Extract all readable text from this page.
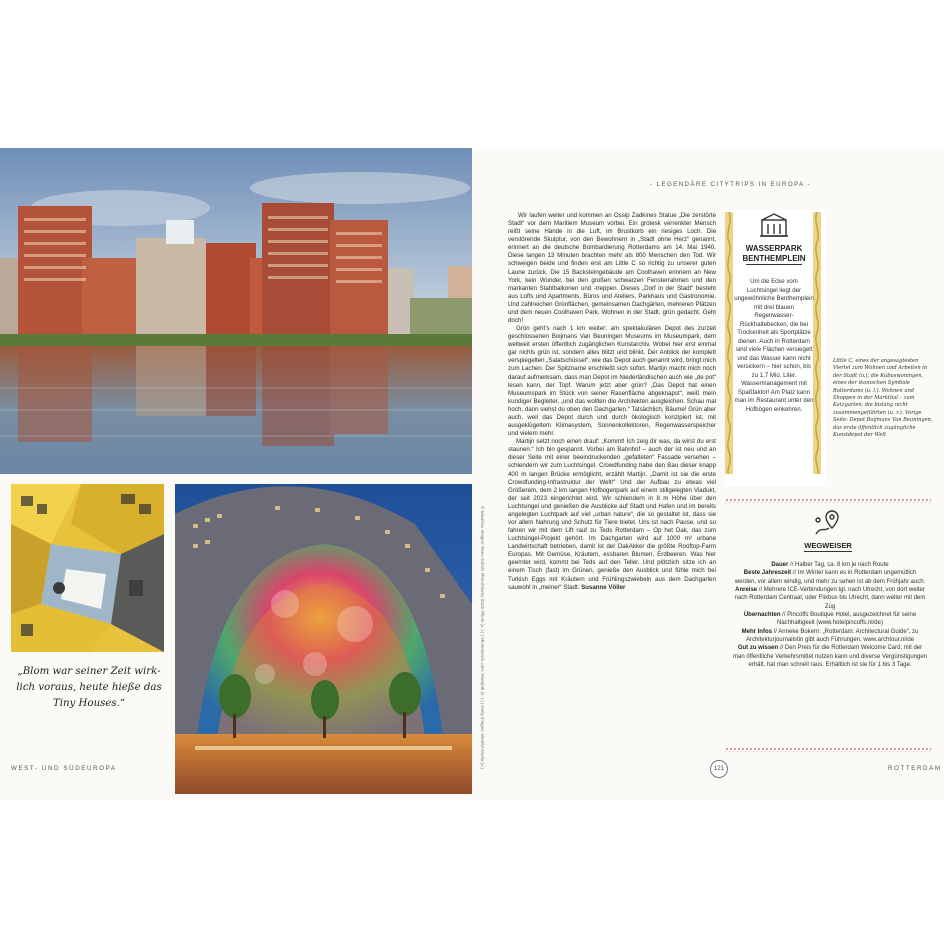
„Blom war seiner Zeit wirk-lich voraus, heute hieße das Tiny Houses.“
WEST- UND SÜDEUROPA	ROTTERDAM
- LEGENDÄRE CITYTRIPS IN EUROPA -
121
© Mauritius Images: Rene Schulz Photo/Alamy Stock Photo (u. l.) | Shutterstock.com: Mandj98 (u. r.) | Getty Images: Mindful Media (o.)

Wir laufen weiter und kommen an Ossip Zadkines Statue „Die zerstörte Stadt“ vor dem Maritiem Museum vorbei. Ein grotesk verrenkter Mensch reißt seine Hände in die Luft, im Brustkorb ein riesiges Loch. Die verstörende Skulptur, von den Bewohnern in „Stadt ohne Herz“ genannt, erinnert an die deutsche Bombardierung Rotterdams am 14. Mai 1940. Diese langen 13 Minuten brachten mehr als 800 Menschen den Tod. Wir schweigen beide und finden erst am Little C so richtig zu unserer guten Laune zurück. Die 15 Backsteingebäude am Coolhaven erinnern an New York, kein Wunder, bei den großen schwarzen Fensterrahmen und den markanten Stahlbalkonen und -treppen. Dieses „Dorf in der Stadt“ besteht aus Lofts und Apartments, Büros und Ateliers, Parkhaus und Gastronomie. Und zahlreichen Grünflächen, gemeinsamen Dachgärten, mehreren Plätzen und dem neuen Coolhaven Park. Wohnen in der Stadt, grün gedacht. Geht doch!

Grün geht’s nach 1 km weiter: am spektakulären Depot des zurzeit geschlossenen Boijmans Van Beuningen Museums im Museumpark, dem weltweit ersten öffentlich zugänglichen Kunstarchiv. Wobei hier erst einmal gar nichts grün ist, sondern alles blitzt und blinkt. Der Anblick der komplett verspiegelten „Salatschüssel“, wie das Depot auch genannt wird, bringt mich zum Lachen. Der Spitzname erschließt sich sofort. Martijn macht mich noch darauf aufmerksam, dass man Depot im Niederländischen auch wie „de pot“ lesen kann, der Topf. Warum jetzt aber grün? „Das Depot hat einen Museumspark im Stück von seiner Rasenfläche abgeknapst“, weiß mein kundiger Begleiter, „und das wollten die Architekten ausgleichen. Schau mal hoch, dann siehst du oben den Dachgarten.“ Tatsächlich, Bäume! Grün aber auch, weil das Depot durch und durch ökologisch konzipiert ist, mit ausgeklügeltem Klimasystem, Sonnenkollektoren, Regenwasserspeicher und vielem mehr.

Martijn setzt noch einen drauf: „Kommt! Ich zeig dir was, da wirst du erst staunen.“ Ich bin gespannt. Vorbei am Bahnhof – auch der ist neu und an dieser Seite mit einer beeindruckenden „gefalteten“ Fassade versehen – schlendern wir zum Luchtsingel. Crowdfunding habe den Bau dieser knapp 400 m langen Brücke ermöglicht, erzählt Martijn. „Damit ist sie die erste Crowdfunding-Infrastruktur der Welt!“ Und der Aufbau zu etwas viel Größerem, dem 2 km langen Hofbogenpark auf einem stillgelegten Viadukt, der seit 2023 eingerichtet wird. Wir schlendern in 8 m Höhe über den Luchtsingel und genießen die Ausblicke auf Stadt und Hafen und im bereits angelegten Luchtpark auf viel „urban nature“, die so gestaltet ist, dass sie vor allem Nahrung und Schutz für Tiere bietet. Uns ist nach Pause, und so fahren wir mit dem Lift rauf zu Teds Rotterdam – Op het Dak, das zum Luchtsingel-Projekt gehört. Im Dachgarten wird auf 1000 m² urbane Landwirtschaft betrieben, damit ist der DakAkker die größte Rooftop-Farm Europas. Mit Gemüse, Kräutern, essbaren Blumen, Erdbeeren. Was hier geerntet wird, kommt bei Teds auf den Teller. Und plötzlich sitze ich an einem Tisch (fast) im Grünen, genieße den Ausblick und fühle mich bei Turkish Eggs mit Kräutern und Frühlingszwiebeln aus dem Dachgarten sauwohl in „meiner“ Stadt. Susanne Völler

WASSERPARK
BENTHEMPLEIN
Um die Ecke vom Luchtsingel liegt der ungewöhnliche Benthemplein mit drei blauen Regenwasser-Rückhaltebecken, die bei Trockenheit als Sportplätze dienen. Auch in Rotterdam sind viele Flächen versiegelt und das Wasser kann nicht versickern – hier schon, bis zu 1,7 Mio. Liter. Wassermanagement mit Spaßfaktor! Am Platz kann man im Restaurant unter den Hofbögen einkehren.
Little C, eines der angesagtesten Viertel zum Wohnen und Arbeiten in der Stadt (o.); die Kubuswoningen, eines der ikonischen Symbole Rotterdams (u. l.). Wohnen und Shoppen in der Markthal – zum Katzgarten, die bislang nicht zusammengeführten (u. r.). Vorige Seite: Depot Boijmans Van Beuningen, das erste öffentlich zugängliche Kunstdepot der Welt
WEGWEISER
Dauer // Halber Tag, ca. 8 km je nach Route
Beste Jahreszeit // Im Winter kann es in Rotterdam ungemütlich werden, vor allem windig, und mehr zu sehen ist ab dem Frühjahr auch.
Anreise // Mehrere ICE-Verbindungen tgl. nach Utrecht, von dort weiter nach Rotterdam Centraal; oder Flixbus bis Utrecht, dann weiter mit dem Zug
Übernachten // Pincoffs Boutique Hotel, ausgezeichnet für seine Nachhaltigkeit (www.hotelpincoffs.nl/de)
Mehr Infos // Anneke Bokern: „Rotterdam: Architectural Guide“, zu Architekturjournalistin gibt auch Führungen, www.archtour.nl/de
Gut zu wissen // Den Preis für die Rotterdam Welcome Card, mit der man öffentliche Verkehrsmittel nutzen kann und diverse Vergünstigungen erhält, hat man schnell raus. Erhältlich ist sie für 1 bis 3 Tage.
